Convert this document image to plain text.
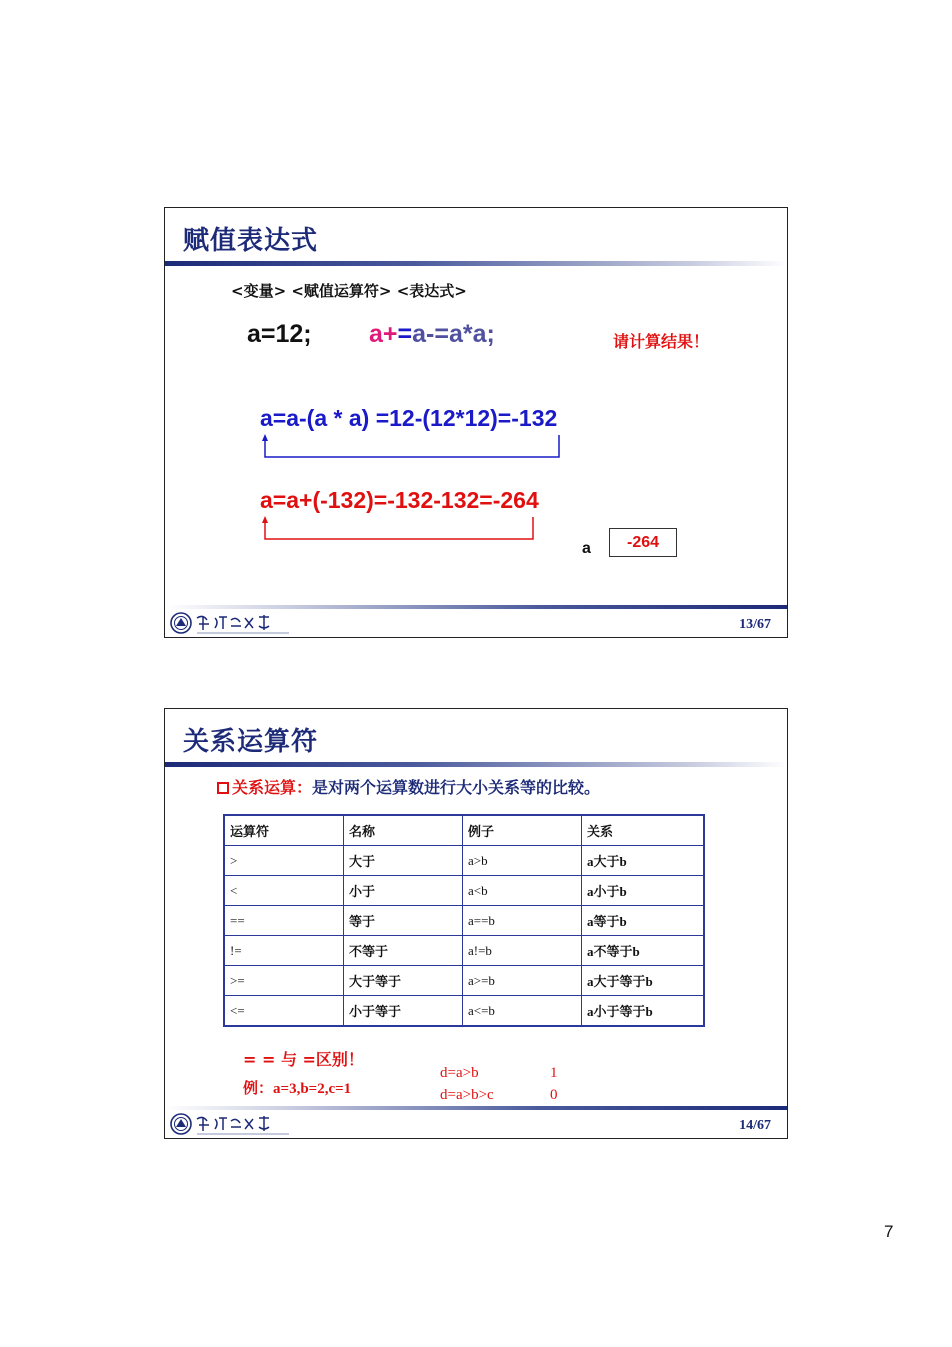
赋值表达式
<变量> <赋值运算符> <表达式>
a=12; a+=a-=a*a;	请计算结果！
a=a-(a * a) =12-(12*12)=-132
a=a+(-132)=-132-132=-264
a	-264
13/67
关系运算符
关系运算：是对两个运算数进行大小关系等的比较。
运算符	名称	例子	关系
>	大于	a>b	a大于b
<	小于	a<b	a小于b
==	等于	a==b	a等于b
!=	不等于	a!=b	a不等于b
>=	大于等于	a>=b	a大于等于b
<=	小于等于	a<=b	a小于等于b
= = 与 =区别！
例：a=3,b=2,c=1
d=a>b	1
d=a>b>c	0
14/67
7
